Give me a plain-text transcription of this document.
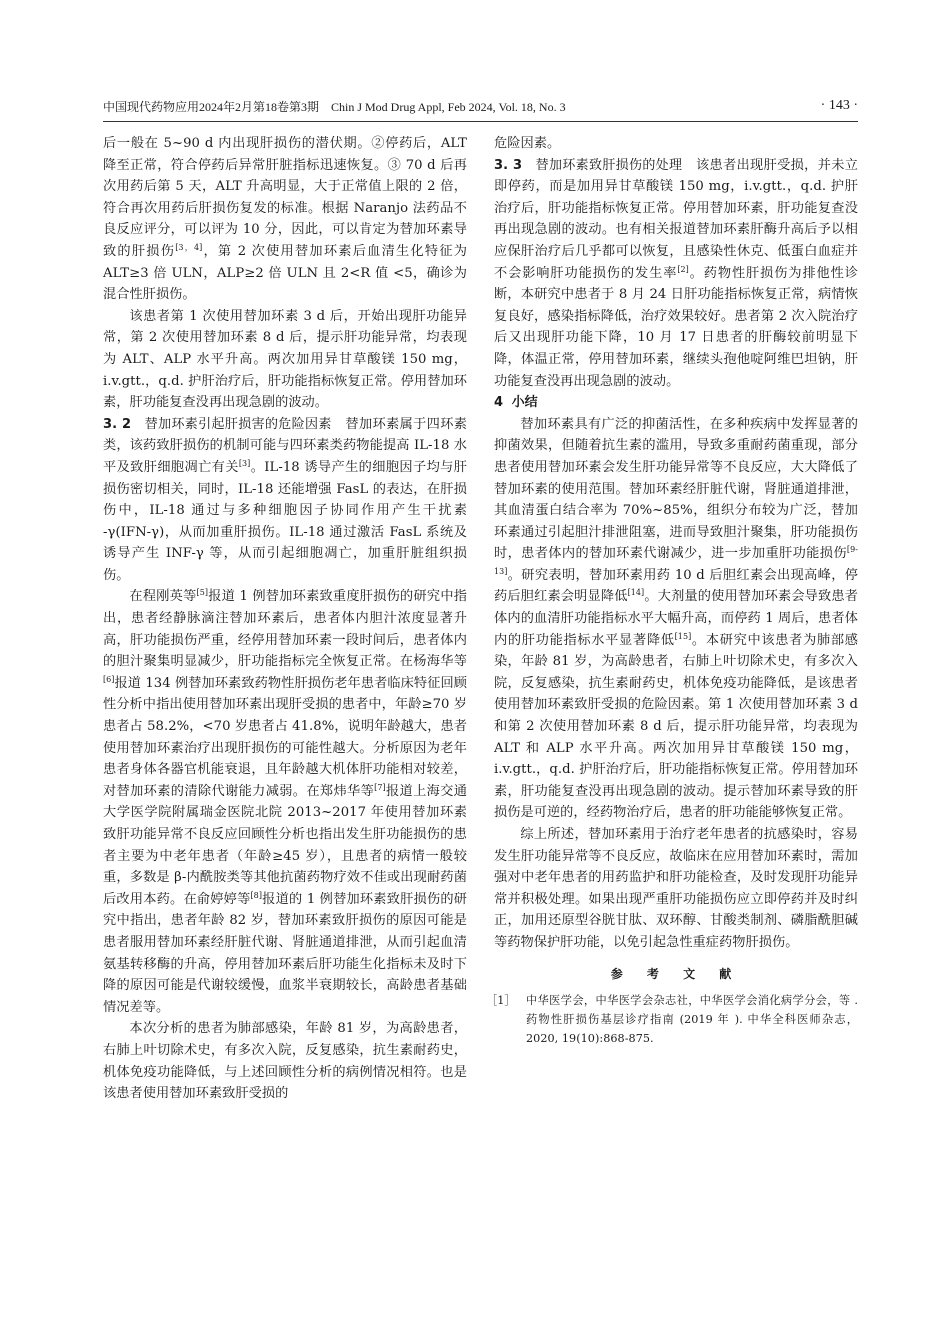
中国现代药物应用2024年2月第18卷第3期　Chin J Mod Drug Appl, Feb 2024, Vol. 18, No. 3	· 143 ·

后一般在 5~90 d 内出现肝损伤的潜伏期。②停药后，ALT 降至正常，符合停药后异常肝脏指标迅速恢复。③ 70 d 后再次用药后第 5 天，ALT 升高明显，大于正常值上限的 2 倍，符合再次用药后肝损伤复发的标准。根据 Naranjo 法药品不良反应评分，可以评为 10 分，因此，可以肯定为替加环素导致的肝损伤[3，4]，第 2 次使用替加环素后血清生化特征为 ALT≥3 倍 ULN，ALP≥2 倍 ULN 且 2<R 值 <5，确诊为混合性肝损伤。

该患者第 1 次使用替加环素 3 d 后，开始出现肝功能异常，第 2 次使用替加环素 8 d 后，提示肝功能异常，均表现为 ALT、ALP 水平升高。两次加用异甘草酸镁 150 mg，i.v.gtt.，q.d. 护肝治疗后，肝功能指标恢复正常。停用替加环素，肝功能复查没再出现急剧的波动。

3. 2 替加环素引起肝损害的危险因素 替加环素属于四环素类，该药致肝损伤的机制可能与四环素类药物能提高 IL-18 水平及致肝细胞凋亡有关[3]。IL-18 诱导产生的细胞因子均与肝损伤密切相关，同时，IL-18 还能增强 FasL 的表达，在肝损伤中，IL-18 通过与多种细胞因子协同作用产生干扰素 -γ(IFN-γ)，从而加重肝损伤。IL-18 通过激活 FasL 系统及诱导产生 INF-γ 等，从而引起细胞凋亡，加重肝脏组织损伤。

在程刚英等[5]报道 1 例替加环素致重度肝损伤的研究中指出，患者经静脉滴注替加环素后，患者体内胆汁浓度显著升高，肝功能损伤严重，经停用替加环素一段时间后，患者体内的胆汁聚集明显减少，肝功能指标完全恢复正常。在杨海华等[6]报道 134 例替加环素致药物性肝损伤老年患者临床特征回顾性分析中指出使用替加环素出现肝受损的患者中，年龄≥70 岁患者占 58.2%，<70 岁患者占 41.8%，说明年龄越大，患者使用替加环素治疗出现肝损伤的可能性越大。分析原因为老年患者身体各器官机能衰退，且年龄越大机体肝功能相对较差，对替加环素的清除代谢能力减弱。在郑炜华等[7]报道上海交通大学医学院附属瑞金医院北院 2013~2017 年使用替加环素致肝功能异常不良反应回顾性分析也指出发生肝功能损伤的患者主要为中老年患者（年龄≥45 岁），且患者的病情一般较重，多数是 β-内酰胺类等其他抗菌药物疗效不佳或出现耐药菌后改用本药。在俞婷婷等[8]报道的 1 例替加环素致肝损伤的研究中指出，患者年龄 82 岁，替加环素致肝损伤的原因可能是患者服用替加环素经肝脏代谢、肾脏通道排泄，从而引起血清氨基转移酶的升高，停用替加环素后肝功能生化指标未及时下降的原因可能是代谢较缓慢，血浆半衰期较长，高龄患者基础情况差等。

本次分析的患者为肺部感染，年龄 81 岁，为高龄患者，右肺上叶切除术史，有多次入院，反复感染，抗生素耐药史，机体免疫功能降低，与上述回顾性分析的病例情况相符。也是该患者使用替加环素致肝受损的

危险因素。

3. 3 替加环素致肝损伤的处理 该患者出现肝受损，并未立即停药，而是加用异甘草酸镁 150 mg，i.v.gtt.，q.d. 护肝治疗后，肝功能指标恢复正常。停用替加环素，肝功能复查没再出现急剧的波动。也有相关报道替加环素肝酶升高后予以相应保肝治疗后几乎都可以恢复，且感染性休克、低蛋白血症并不会影响肝功能损伤的发生率[2]。药物性肝损伤为排他性诊断，本研究中患者于 8 月 24 日肝功能指标恢复正常，病情恢复良好，感染指标降低，治疗效果较好。患者第 2 次入院治疗后又出现肝功能下降，10 月 17 日患者的肝酶较前明显下降，体温正常，停用替加环素，继续头孢他啶阿维巴坦钠，肝功能复查没再出现急剧的波动。

4 小结

替加环素具有广泛的抑菌活性，在多种疾病中发挥显著的抑菌效果，但随着抗生素的滥用，导致多重耐药菌重现，部分患者使用替加环素会发生肝功能异常等不良反应，大大降低了替加环素的使用范围。替加环素经肝脏代谢，肾脏通道排泄，其血清蛋白结合率为 70%~85%，组织分布较为广泛，替加环素通过引起胆汁排泄阻塞，进而导致胆汁聚集，肝功能损伤时，患者体内的替加环素代谢减少，进一步加重肝功能损伤[9-13]。研究表明，替加环素用药 10 d 后胆红素会出现高峰，停药后胆红素会明显降低[14]。大剂量的使用替加环素会导致患者体内的血清肝功能指标水平大幅升高，而停药 1 周后，患者体内的肝功能指标水平显著降低[15]。本研究中该患者为肺部感染，年龄 81 岁，为高龄患者，右肺上叶切除术史，有多次入院，反复感染，抗生素耐药史，机体免疫功能降低，是该患者使用替加环素致肝受损的危险因素。第 1 次使用替加环素 3 d 和第 2 次使用替加环素 8 d 后，提示肝功能异常，均表现为 ALT 和 ALP 水平升高。两次加用异甘草酸镁 150 mg，i.v.gtt.，q.d. 护肝治疗后，肝功能指标恢复正常。停用替加环素，肝功能复查没再出现急剧的波动。提示替加环素导致的肝损伤是可逆的，经药物治疗后，患者的肝功能能够恢复正常。

综上所述，替加环素用于治疗老年患者的抗感染时，容易发生肝功能异常等不良反应，故临床在应用替加环素时，需加强对中老年患者的用药监护和肝功能检查，及时发现肝功能异常并积极处理。如果出现严重肝功能损伤应立即停药并及时纠正，加用还原型谷胱甘肽、双环醇、甘酸类制剂、磷脂酰胆碱等药物保护肝功能，以免引起急性重症药物肝损伤。

参 考 文 献

［1］ 中华医学会，中华医学会杂志社，中华医学会消化病学分会，等 . 药物性肝损伤基层诊疗指南 (2019 年 ). 中华全科医师杂志，2020, 19(10):868-875.
